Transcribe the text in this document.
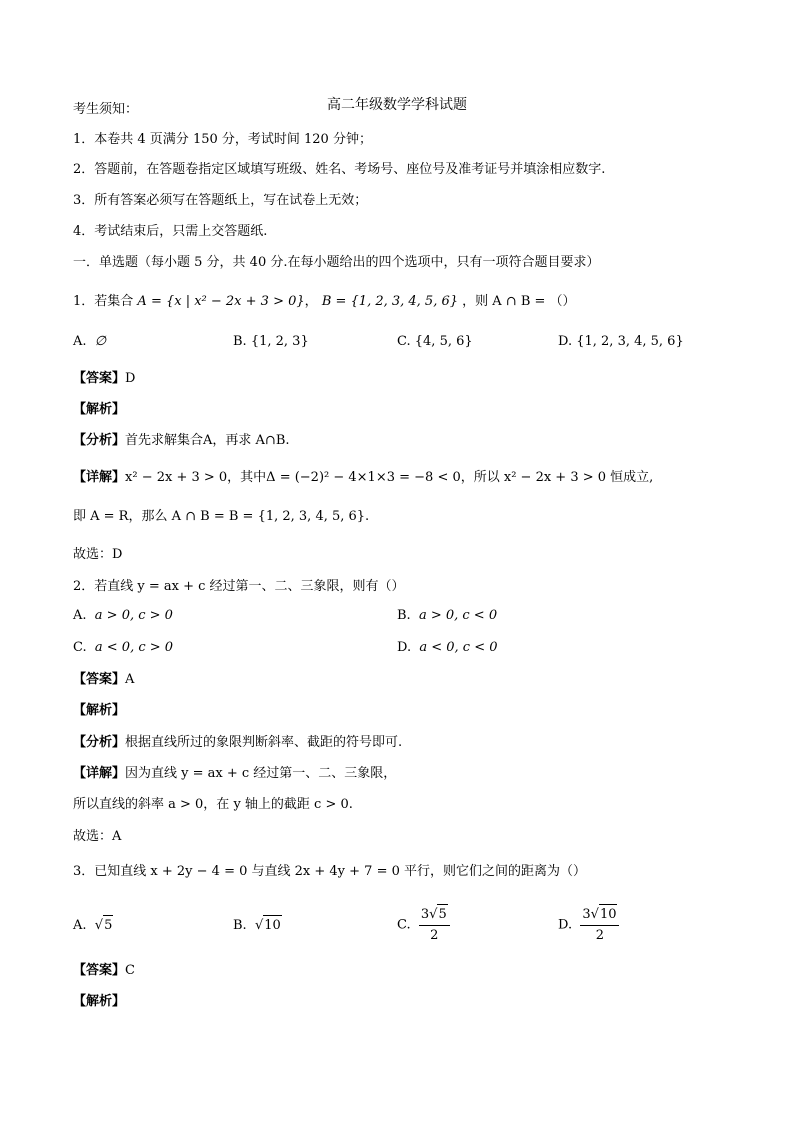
高二年级数学学科试题
考生须知：
1．本卷共 4 页满分 150 分，考试时间 120 分钟；
2．答题前，在答题卷指定区域填写班级、姓名、考场号、座位号及准考证号并填涂相应数字.
3．所有答案必须写在答题纸上，写在试卷上无效；
4．考试结束后，只需上交答题纸.
一．单选题（每小题 5 分，共 40 分.在每小题给出的四个选项中，只有一项符合题目要求）
1．若集合 A = {x | x² − 2x + 3 > 0}， B = {1, 2, 3, 4, 5, 6} ，则 A ∩ B = （）
A. ∅	B. {1, 2, 3}	C. {4, 5, 6}	D. {1, 2, 3, 4, 5, 6}
【答案】D
【解析】
【分析】首先求解集合A，再求 A∩B.
【详解】x² − 2x + 3 > 0，其中Δ = (−2)² − 4×1×3 = −8 < 0，所以 x² − 2x + 3 > 0 恒成立,
即 A = R，那么 A ∩ B = B = {1, 2, 3, 4, 5, 6}.
故选：D
2．若直线 y = ax + c 经过第一、二、三象限，则有（）
A. a > 0, c > 0	B. a > 0, c < 0
C. a < 0, c > 0	D. a < 0, c < 0
【答案】A
【解析】
【分析】根据直线所过的象限判断斜率、截距的符号即可.
【详解】因为直线 y = ax + c 经过第一、二、三象限，
所以直线的斜率 a > 0，在 y 轴上的截距 c > 0.
故选：A
3．已知直线 x + 2y − 4 = 0 与直线 2x + 4y + 7 = 0 平行，则它们之间的距离为（）
A. √5	B. √10	C. $\frac{3√5}{2}$	D. $\frac{3√10}{2}$
【答案】C
【解析】
